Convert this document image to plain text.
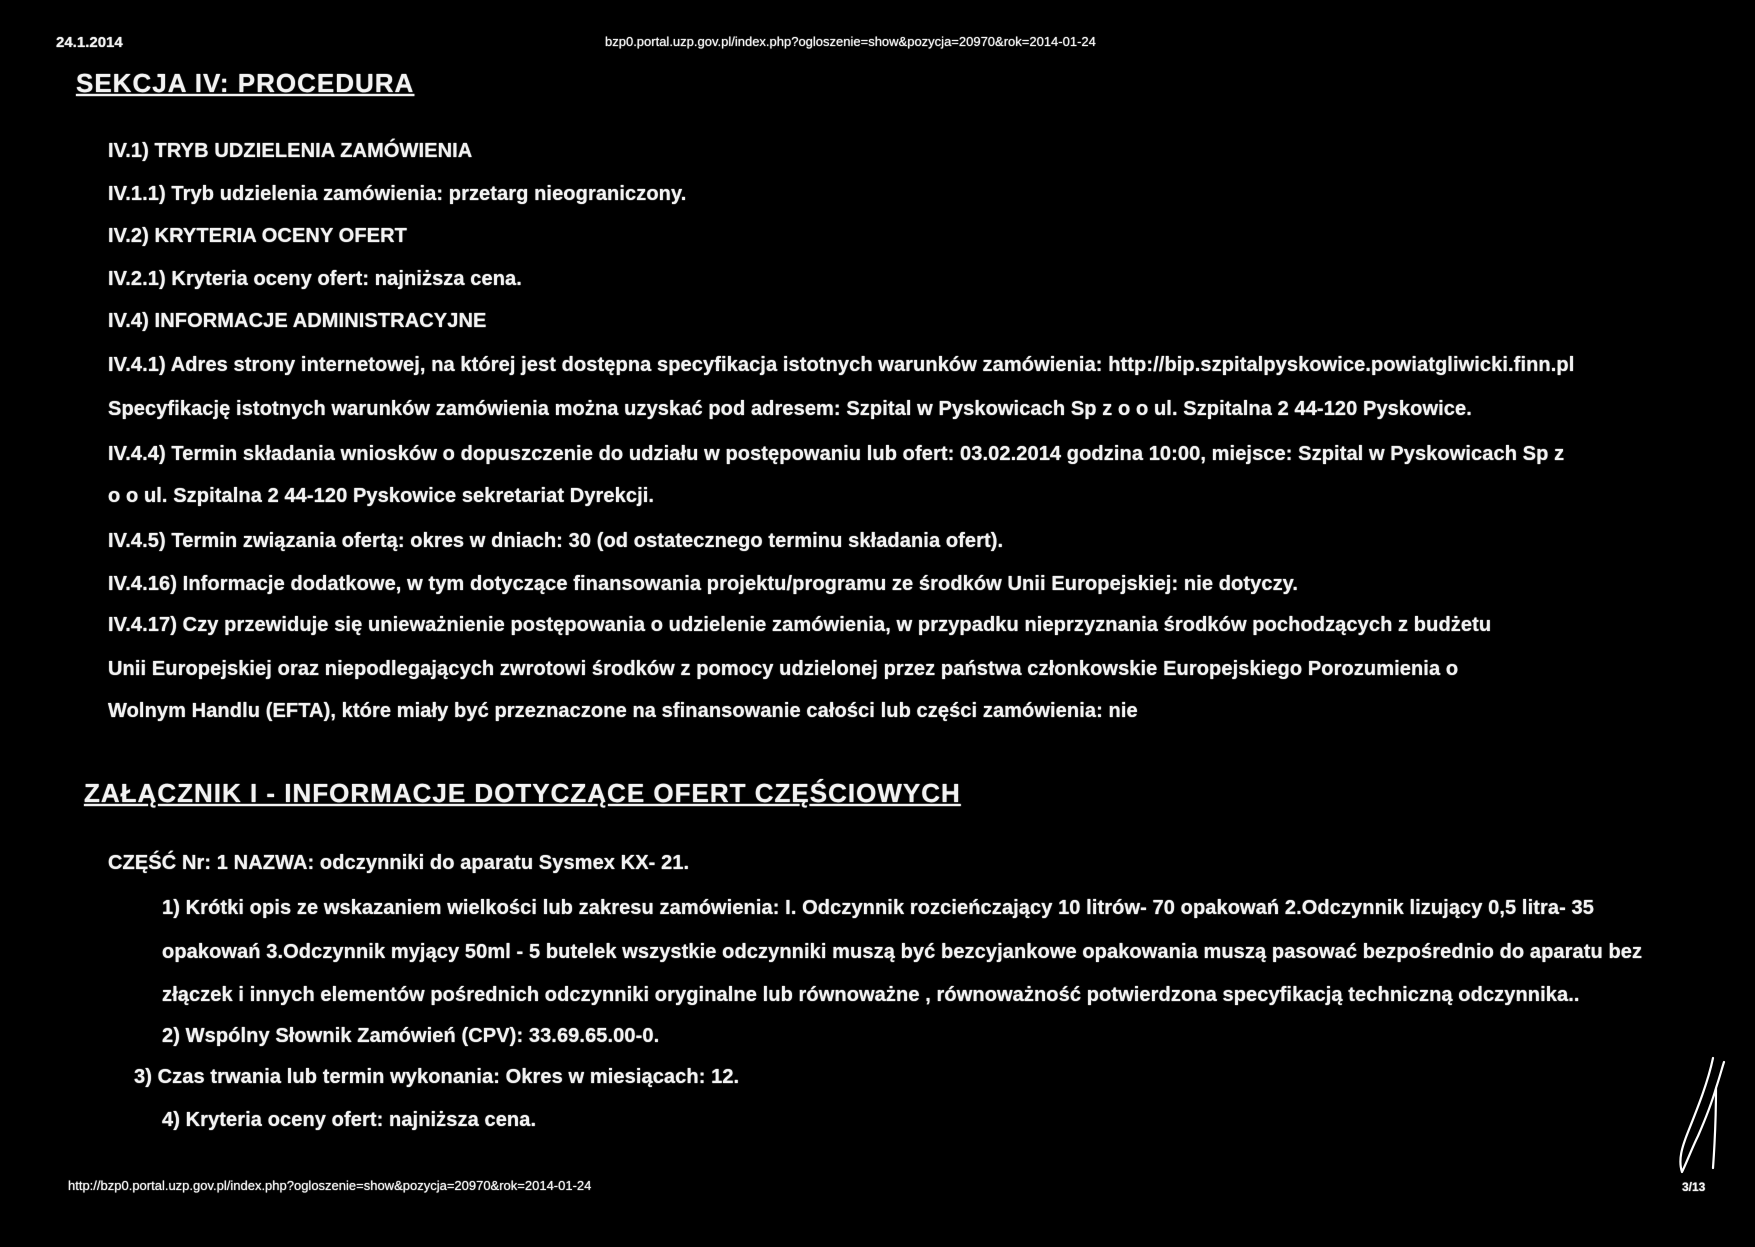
24.1.2014	bzp0.portal.uzp.gov.pl/index.php?ogloszenie=show&pozycja=20970&rok=2014-01-24
SEKCJA IV: PROCEDURA
IV.1) TRYB UDZIELENIA ZAMÓWIENIA
IV.1.1) Tryb udzielenia zamówienia: przetarg nieograniczony.
IV.2) KRYTERIA OCENY OFERT
IV.2.1) Kryteria oceny ofert: najniższa cena.
IV.4) INFORMACJE ADMINISTRACYJNE
IV.4.1) Adres strony internetowej, na której jest dostępna specyfikacja istotnych warunków zamówienia: http://bip.szpitalpyskowice.powiatgliwicki.finn.pl
Specyfikację istotnych warunków zamówienia można uzyskać pod adresem: Szpital w Pyskowicach Sp z o o ul. Szpitalna 2 44-120 Pyskowice.
IV.4.4) Termin składania wniosków o dopuszczenie do udziału w postępowaniu lub ofert: 03.02.2014 godzina 10:00, miejsce: Szpital w Pyskowicach Sp z
o o ul. Szpitalna 2 44-120 Pyskowice sekretariat Dyrekcji.
IV.4.5) Termin związania ofertą: okres w dniach: 30 (od ostatecznego terminu składania ofert).
IV.4.16) Informacje dodatkowe, w tym dotyczące finansowania projektu/programu ze środków Unii Europejskiej: nie dotyczy.
IV.4.17) Czy przewiduje się unieważnienie postępowania o udzielenie zamówienia, w przypadku nieprzyznania środków pochodzących z budżetu
Unii Europejskiej oraz niepodlegających zwrotowi środków z pomocy udzielonej przez państwa członkowskie Europejskiego Porozumienia o
Wolnym Handlu (EFTA), które miały być przeznaczone na sfinansowanie całości lub części zamówienia: nie
ZAŁĄCZNIK I - INFORMACJE DOTYCZĄCE OFERT CZĘŚCIOWYCH
CZĘŚĆ Nr: 1 NAZWA: odczynniki do aparatu Sysmex KX- 21.
1) Krótki opis ze wskazaniem wielkości lub zakresu zamówienia: I. Odczynnik rozcieńczający 10 litrów- 70 opakowań 2.Odczynnik lizujący 0,5 litra- 35
opakowań 3.Odczynnik myjący 50ml - 5 butelek wszystkie odczynniki muszą być bezcyjankowe opakowania muszą pasować bezpośrednio do aparatu bez
złączek i innych elementów pośrednich odczynniki oryginalne lub równoważne , równoważność potwierdzona specyfikacją techniczną odczynnika..
2) Wspólny Słownik Zamówień (CPV): 33.69.65.00-0.
3) Czas trwania lub termin wykonania: Okres w miesiącach: 12.
4) Kryteria oceny ofert: najniższa cena.
http://bzp0.portal.uzp.gov.pl/index.php?ogloszenie=show&pozycja=20970&rok=2014-01-24	3/13
